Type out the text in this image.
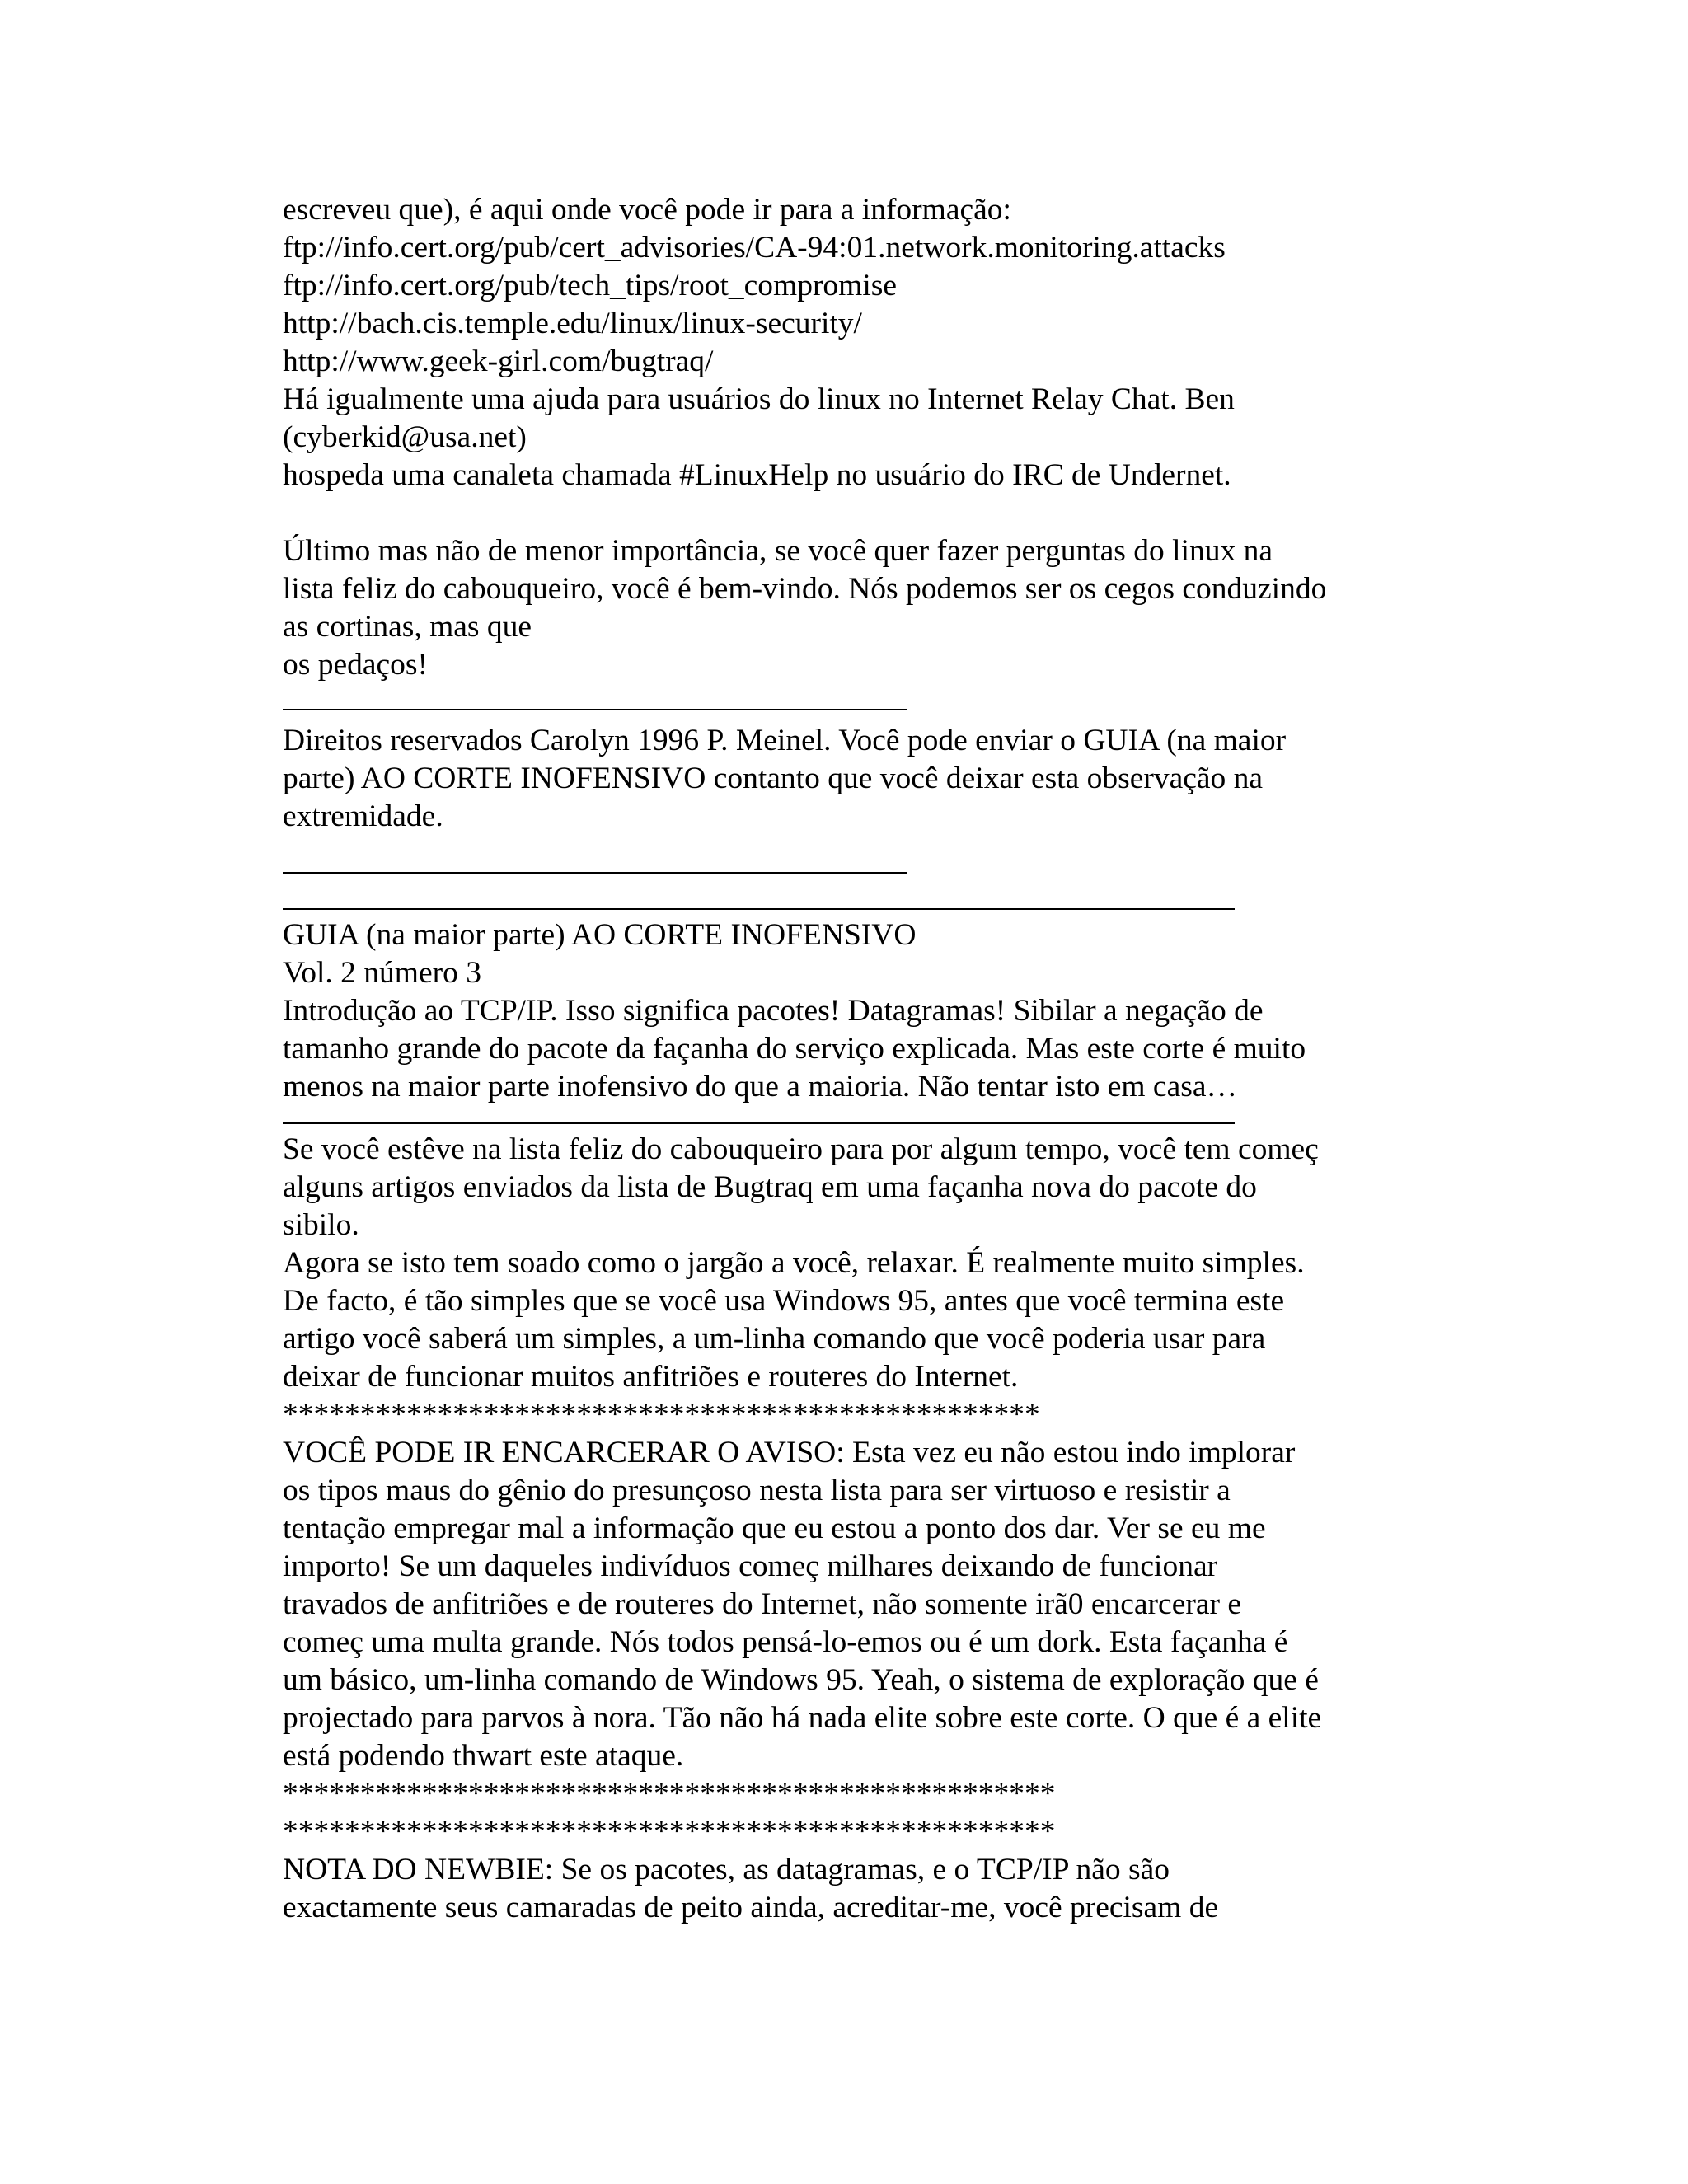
escreveu que), é aqui onde você pode ir para a informação:
ftp://info.cert.org/pub/cert_advisories/CA-94:01.network.monitoring.attacks
ftp://info.cert.org/pub/tech_tips/root_compromise
http://bach.cis.temple.edu/linux/linux-security/
http://www.geek-girl.com/bugtraq/
Há igualmente uma ajuda para usuários do linux no Internet Relay Chat. Ben
(cyberkid@usa.net)
hospeda uma canaleta chamada #LinuxHelp no usuário do IRC de Undernet.
Último mas não de menor importância, se você quer fazer perguntas do linux na
lista feliz do cabouqueiro, você é bem-vindo. Nós podemos ser os cegos conduzindo
as cortinas, mas que
os pedaços!
Direitos reservados Carolyn 1996 P. Meinel. Você pode enviar o GUIA (na maior
parte) AO CORTE INOFENSIVO contanto que você deixar esta observação na
extremidade.
GUIA (na maior parte) AO CORTE INOFENSIVO
Vol. 2 número 3
Introdução ao TCP/IP. Isso significa pacotes! Datagramas! Sibilar a negação de
tamanho grande do pacote da façanha do serviço explicada. Mas este corte é muito
menos na maior parte inofensivo do que a maioria. Não tentar isto em casa…
Se você estêve na lista feliz do cabouqueiro para por algum tempo, você tem começ
alguns artigos enviados da lista de Bugtraq em uma façanha nova do pacote do
sibilo.
Agora se isto tem soado como o jargão a você, relaxar. É realmente muito simples.
De facto, é tão simples que se você usa Windows 95, antes que você termina este
artigo você saberá um simples, a um-linha comando que você poderia usar para
deixar de funcionar muitos anfitriões e routeres do Internet.
*************************************************
VOCÊ PODE IR ENCARCERAR O AVISO: Esta vez eu não estou indo implorar
os tipos maus do gênio do presunçoso nesta lista para ser virtuoso e resistir a
tentação empregar mal a informação que eu estou a ponto dos dar. Ver se eu me
importo! Se um daqueles indivíduos começ milhares deixando de funcionar
travados de anfitriões e de routeres do Internet, não somente irã0 encarcerar e
começ uma multa grande. Nós todos pensá-lo-emos ou é um dork. Esta façanha é
um básico, um-linha comando de Windows 95. Yeah, o sistema de exploração que é
projectado para parvos à nora. Tão não há nada elite sobre este corte. O que é a elite
está podendo thwart este ataque.
**************************************************
**************************************************
NOTA DO NEWBIE: Se os pacotes, as datagramas, e o TCP/IP não são
exactamente seus camaradas de peito ainda, acreditar-me, você precisam de
